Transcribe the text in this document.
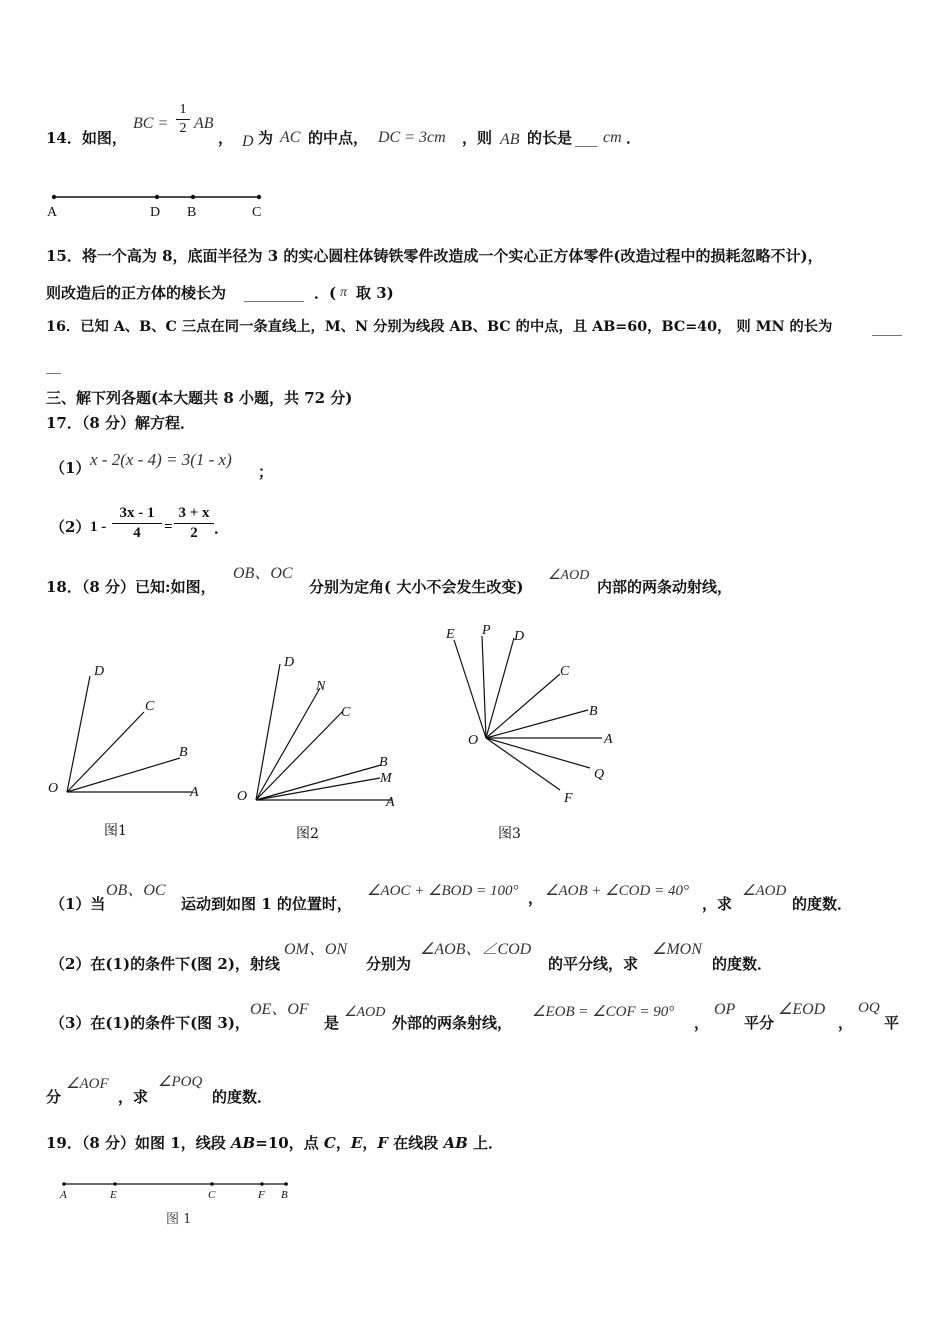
14．如图，
BC =
1
2 AB
， D 为 AC 的中点， DC = 3cm ，则 AB 的长是 ___ cm ．
A	D B	C
15．将一个高为 8，底面半径为 3 的实心圆柱体铸铁零件改造成一个实心正方体零件(改造过程中的损耗忽略不计)，
则改造后的正方体的棱长为 ________ ．( π 取 3)
16．已知 A、B、C 三点在同一条直线上，M、N 分别为线段 AB、BC 的中点，且 AB=60，BC=40， 则 MN 的长为	____
__
三、解下列各题(本大题共 8 小题，共 72 分)
17．（8 分）解方程．
（1） x - 2(x - 4) = 3(1 - x)
；
（2） 1 -
3x - 1
4	=
3 + x
2	．
18．（8 分）已知:如图，
OB、OC
分别为定角( 大小不会发生改变)
∠AOD
内部的两条动射线，
D
C
B
O	A
图1
D
N
C
B
M
O	A
图2
E P D
C
B
O	A
Q
F
图3
（1）当
OB、OC
运动到如图 1 的位置时，
∠AOC + ∠BOD = 100° ， ∠AOB + ∠COD = 40°
，求
∠AOD
的度数．
（2）在(1)的条件下(图 2)，射线
OM、ON
分别为
∠AOB、∠COD
的平分线，求
∠MON
的度数．
（3）在(1)的条件下(图 3)，
OE、OF
是
∠AOD
外部的两条射线，
∠EOB = ∠COF = 90°
，
OP
平分
∠EOD
，
OQ
平
分
∠AOF
，求
∠POQ
的度数．
19．（8 分）如图 1，线段 AB=10，点 C，E，F 在线段 AB 上．
A	E	C	F B
图 1
